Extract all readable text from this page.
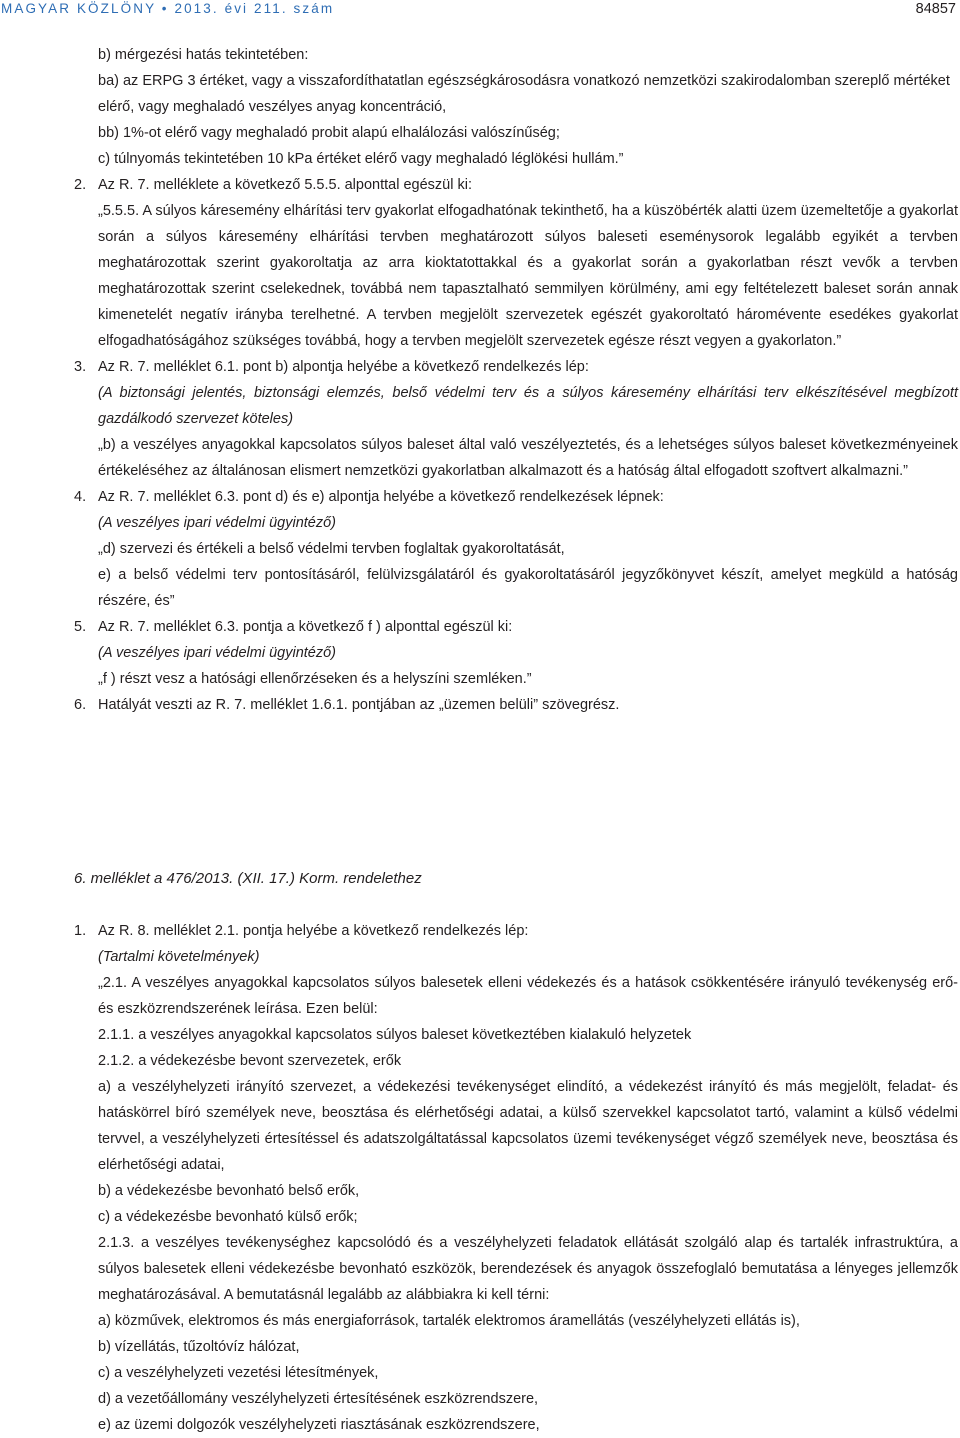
MAGYAR KÖZLÖNY • 2013. évi 211. szám	84857

b) mérgezési hatás tekintetében:

ba) az ERPG 3 értéket, vagy a visszafordíthatatlan egészségkárosodásra vonatkozó nemzetközi szakirodalomban szereplő mértéket elérő, vagy meghaladó veszélyes anyag koncentráció,

bb) 1%-ot elérő vagy meghaladó probit alapú elhalálozási valószínűség;

c) túlnyomás tekintetében 10 kPa értéket elérő vagy meghaladó léglökési hullám.”

2. Az R. 7. melléklete a következő 5.5.5. alponttal egészül ki:

„5.5.5. A súlyos káresemény elhárítási terv gyakorlat elfogadhatónak tekinthető, ha a küszöbérték alatti üzem üzemeltetője a gyakorlat során a súlyos káresemény elhárítási tervben meghatározott súlyos baleseti eseménysorok legalább egyikét a tervben meghatározottak szerint gyakoroltatja az arra kioktatottakkal és a gyakorlat során a gyakorlatban részt vevők a tervben meghatározottak szerint cselekednek, továbbá nem tapasztalható semmilyen körülmény, ami egy feltételezett baleset során annak kimenetelét negatív irányba terelhetné. A tervben megjelölt szervezetek egészét gyakoroltató háromévente esedékes gyakorlat elfogadhatóságához szükséges továbbá, hogy a tervben megjelölt szervezetek egésze részt vegyen a gyakorlaton.”

3. Az R. 7. melléklet 6.1. pont b) alpontja helyébe a következő rendelkezés lép:

(A biztonsági jelentés, biztonsági elemzés, belső védelmi terv és a súlyos káresemény elhárítási terv elkészítésével megbízott gazdálkodó szervezet köteles)

„b) a veszélyes anyagokkal kapcsolatos súlyos baleset által való veszélyeztetés, és a lehetséges súlyos baleset következményeinek értékeléséhez az általánosan elismert nemzetközi gyakorlatban alkalmazott és a hatóság által elfogadott szoftvert alkalmazni.”

4. Az R. 7. melléklet 6.3. pont d) és e) alpontja helyébe a következő rendelkezések lépnek:

(A veszélyes ipari védelmi ügyintéző)

„d) szervezi és értékeli a belső védelmi tervben foglaltak gyakoroltatását,

e) a belső védelmi terv pontosításáról, felülvizsgálatáról és gyakoroltatásáról jegyzőkönyvet készít, amelyet megküld a hatóság részére, és”

5. Az R. 7. melléklet 6.3. pontja a következő f ) alponttal egészül ki:

(A veszélyes ipari védelmi ügyintéző)

„f ) részt vesz a hatósági ellenőrzéseken és a helyszíni szemléken.”

6. Hatályát veszti az R. 7. melléklet 1.6.1. pontjában az „üzemen belüli” szövegrész.

6. melléklet a 476/2013. (XII. 17.) Korm. rendelethez

1. Az R. 8. melléklet 2.1. pontja helyébe a következő rendelkezés lép:

(Tartalmi követelmények)

„2.1. A veszélyes anyagokkal kapcsolatos súlyos balesetek elleni védekezés és a hatások csökkentésére irányuló tevékenység erő- és eszközrendszerének leírása. Ezen belül:

2.1.1. a veszélyes anyagokkal kapcsolatos súlyos baleset következtében kialakuló helyzetek

2.1.2. a védekezésbe bevont szervezetek, erők

a) a veszélyhelyzeti irányító szervezet, a védekezési tevékenységet elindító, a védekezést irányító és más megjelölt, feladat- és hatáskörrel bíró személyek neve, beosztása és elérhetőségi adatai, a külső szervekkel kapcsolatot tartó, valamint a külső védelmi tervvel, a veszélyhelyzeti értesítéssel és adatszolgáltatással kapcsolatos üzemi tevékenységet végző személyek neve, beosztása és elérhetőségi adatai,

b) a védekezésbe bevonható belső erők,

c) a védekezésbe bevonható külső erők;

2.1.3. a veszélyes tevékenységhez kapcsolódó és a veszélyhelyzeti feladatok ellátását szolgáló alap és tartalék infrastruktúra, a súlyos balesetek elleni védekezésbe bevonható eszközök, berendezések és anyagok összefoglaló bemutatása a lényeges jellemzők meghatározásával. A bemutatásnál legalább az alábbiakra ki kell térni:

a) közművek, elektromos és más energiaforrások, tartalék elektromos áramellátás (veszélyhelyzeti ellátás is),

b) vízellátás, tűzoltóvíz hálózat,

c) a veszélyhelyzeti vezetési létesítmények,

d) a vezetőállomány veszélyhelyzeti értesítésének eszközrendszere,

e) az üzemi dolgozók veszélyhelyzeti riasztásának eszközrendszere,
